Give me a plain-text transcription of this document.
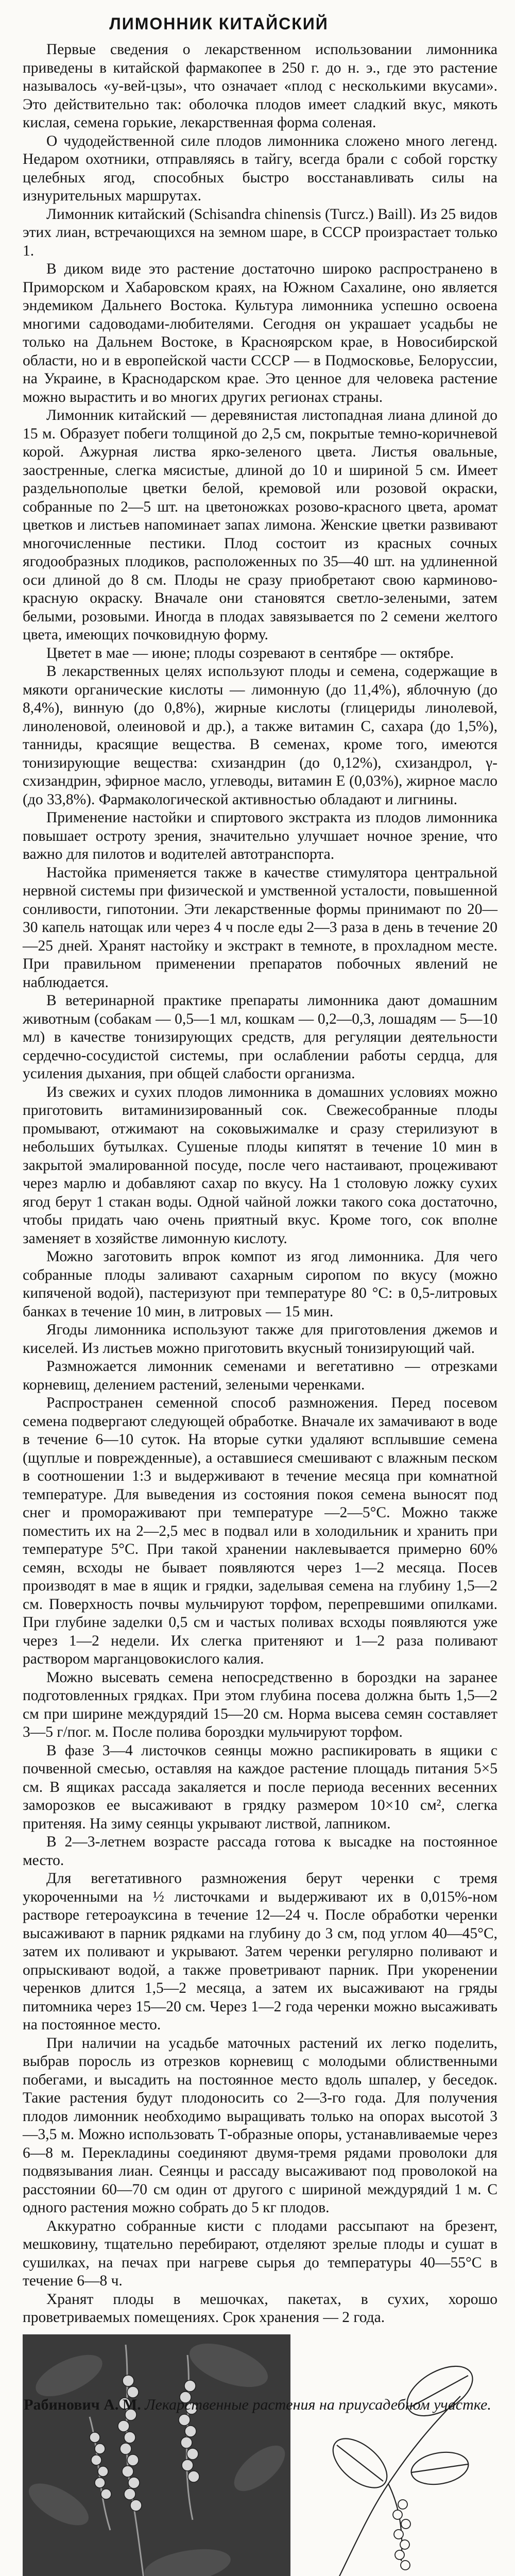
ЛИМОННИК КИТАЙСКИЙ

Первые сведения о лекарственном использовании лимонника приведены в китайской фармакопее в 250 г. до н. э., где это растение называлось «у-вей-цзы», что означает «плод с несколькими вкусами». Это действительно так: оболочка плодов имеет сладкий вкус, мякоть кислая, семена горькие, лекарственная форма соленая.

О чудодейственной силе плодов лимонника сложено много легенд. Недаром охотники, отправляясь в тайгу, всегда брали с собой горстку целебных ягод, способных быстро восстанавливать силы на изнурительных маршрутах.

Лимонник китайский (Schisandra chinensis (Turcz.) Baill). Из 25 видов этих лиан, встречающихся на земном шаре, в СССР произрастает только 1.

В диком виде это растение достаточно широко распространено в Приморском и Хабаровском краях, на Южном Сахалине, оно является эндемиком Дальнего Востока. Культура лимонника успешно освоена многими садоводами-любителями. Сегодня он украшает усадьбы не только на Дальнем Востоке, в Красноярском крае, в Новосибирской области, но и в европейской части СССР — в Подмосковье, Белоруссии, на Украине, в Краснодарском крае. Это ценное для человека растение можно вырастить и во многих других регионах страны.

Лимонник китайский — деревянистая листопадная лиана длиной до 15 м. Образует побеги толщиной до 2,5 см, покрытые темно-коричневой корой. Ажурная листва ярко-зеленого цвета. Листья овальные, заостренные, слегка мясистые, длиной до 10 и шириной 5 см. Имеет раздельнополые цветки белой, кремовой или розовой окраски, собранные по 2—5 шт. на цветоножках розово-красного цвета, аромат цветков и листьев напоминает запах лимона. Женские цветки развивают многочисленные пестики. Плод состоит из красных сочных ягодообразных плодиков, расположенных по 35—40 шт. на удлиненной оси длиной до 8 см. Плоды не сразу приобретают свою карминово-красную окраску. Вначале они становятся светло-зелеными, затем белыми, розовыми. Иногда в плодах завязывается по 2 семени желтого цвета, имеющих почковидную форму.

Цветет в мае — июне; плоды созревают в сентябре — октябре.

В лекарственных целях используют плоды и семена, содержащие в мякоти органические кислоты — лимонную (до 11,4%), яблочную (до 8,4%), винную (до 0,8%), жирные кислоты (глицериды линолевой, линоленовой, олеиновой и др.), а также витамин С, сахара (до 1,5%), танниды, красящие вещества. В семенах, кроме того, имеются тонизирующие вещества: схизандрин (до 0,12%), схизандрол, γ-схизандрин, эфирное масло, углеводы, витамин Е (0,03%), жирное масло (до 33,8%). Фармакологической активностью обладают и лигнины.

Применение настойки и спиртового экстракта из плодов лимонника повышает остроту зрения, значительно улучшает ночное зрение, что важно для пилотов и водителей автотранспорта.

Настойка применяется также в качестве стимулятора центральной нервной системы при физической и умственной усталости, повышенной сонливости, гипотонии. Эти лекарственные формы принимают по 20—30 капель натощак или через 4 ч после еды 2—3 раза в день в течение 20—25 дней. Хранят настойку и экстракт в темноте, в прохладном месте. При правильном применении препаратов побочных явлений не наблюдается.

В ветеринарной практике препараты лимонника дают домашним животным (собакам — 0,5—1 мл, кошкам — 0,2—0,3, лошадям — 5—10 мл) в качестве тонизирующих средств, для регуляции деятельности сердечно-сосудистой системы, при ослаблении работы сердца, для усиления дыхания, при общей слабости организма.

Из свежих и сухих плодов лимонника в домашних условиях можно приготовить витаминизированный сок. Свежесобранные плоды промывают, отжимают на соковыжималке и сразу стерилизуют в небольших бутылках. Сушеные плоды кипятят в течение 10 мин в закрытой эмалированной посуде, после чего настаивают, процеживают через марлю и добавляют сахар по вкусу. На 1 столовую ложку сухих ягод берут 1 стакан воды. Одной чайной ложки такого сока достаточно, чтобы придать чаю очень приятный вкус. Кроме того, сок вполне заменяет в хозяйстве лимонную кислоту.

Можно заготовить впрок компот из ягод лимонника. Для чего собранные плоды заливают сахарным сиропом по вкусу (можно кипяченой водой), пастеризуют при температуре 80 °С: в 0,5-литровых банках в течение 10 мин, в литровых — 15 мин.

Ягоды лимонника используют также для приготовления джемов и киселей. Из листьев можно приготовить вкусный тонизирующий чай.

Размножается лимонник семенами и вегетативно — отрезками корневищ, делением растений, зелеными черенками.

Распространен семенной способ размножения. Перед посевом семена подвергают следующей обработке. Вначале их замачивают в воде в течение 6—10 суток. На вторые сутки удаляют всплывшие семена (щуплые и поврежденные), а оставшиеся смешивают с влажным песком в соотношении 1:3 и выдерживают в течение месяца при комнатной температуре. Для выведения из состояния покоя семена выносят под снег и промораживают при температуре —2—5°С. Можно также поместить их на 2—2,5 мес в подвал или в холодильник и хранить при температуре 5°С. При такой хранении наклевывается примерно 60% семян, всходы не бывает появляются через 1—2 месяца. Посев производят в мае в ящик и грядки, заделывая семена на глубину 1,5—2 см. Поверхность почвы мульчируют торфом, перепревшими опилками. При глубине заделки 0,5 см и частых поливах всходы появляются уже через 1—2 недели. Их слегка притеняют и 1—2 раза поливают раствором марганцовокислого калия.

Можно высевать семена непосредственно в бороздки на заранее подготовленных грядках. При этом глубина посева должна быть 1,5—2 см при ширине междурядий 15—20 см. Норма высева семян составляет 3—5 г/пог. м. После полива бороздки мульчируют торфом.

В фазе 3—4 листочков сеянцы можно распикировать в ящики с почвенной смесью, оставляя на каждое растение площадь питания 5×5 см. В ящиках рассада закаляется и после периода весенних весенних заморозков ее высаживают в грядку размером 10×10 см², слегка притеняя. На зиму сеянцы укрывают листвой, лапником.

В 2—3-летнем возрасте рассада готова к высадке на постоянное место.

Для вегетативного размножения берут черенки с тремя укороченными на ½ листочками и выдерживают их в 0,015%-ном растворе гетероауксина в течение 12—24 ч. После обработки черенки высаживают в парник рядками на глубину до 3 см, под углом 40—45°С, затем их поливают и укрывают. Затем черенки регулярно поливают и опрыскивают водой, а также проветривают парник. При укоренении черенков длится 1,5—2 месяца, а затем их высаживают на гряды питомника через 15—20 см. Через 1—2 года черенки можно высаживать на постоянное место.

При наличии на усадьбе маточных растений их легко поделить, выбрав поросль из отрезков корневищ с молодыми облиственными побегами, и высадить на постоянное место вдоль шпалер, у беседок. Такие растения будут плодоносить со 2—3-го года. Для получения плодов лимонник необходимо выращивать только на опорах высотой 3—3,5 м. Можно использовать Т-образные опоры, устанавливаемые через 6—8 м. Перекладины соединяют двумя-тремя рядами проволоки для подвязывания лиан. Сеянцы и рассаду высаживают под проволокой на расстоянии 60—70 см один от другого с шириной междурядий 1 м. С одного растения можно собрать до 5 кг плодов.

Аккуратно собранные кисти с плодами рассыпают на брезент, мешковину, тщательно перебирают, отделяют зрелые плоды и сушат в сушилках, на печах при нагреве сырья до температуры 40—55°С в течение 6—8 ч.

Хранят плоды в мешочках, пакетах, в сухих, хорошо проветриваемых помещениях. Срок хранения — 2 года.

Рабинович А. М. Лекарственные растения на приусадебном участке.
